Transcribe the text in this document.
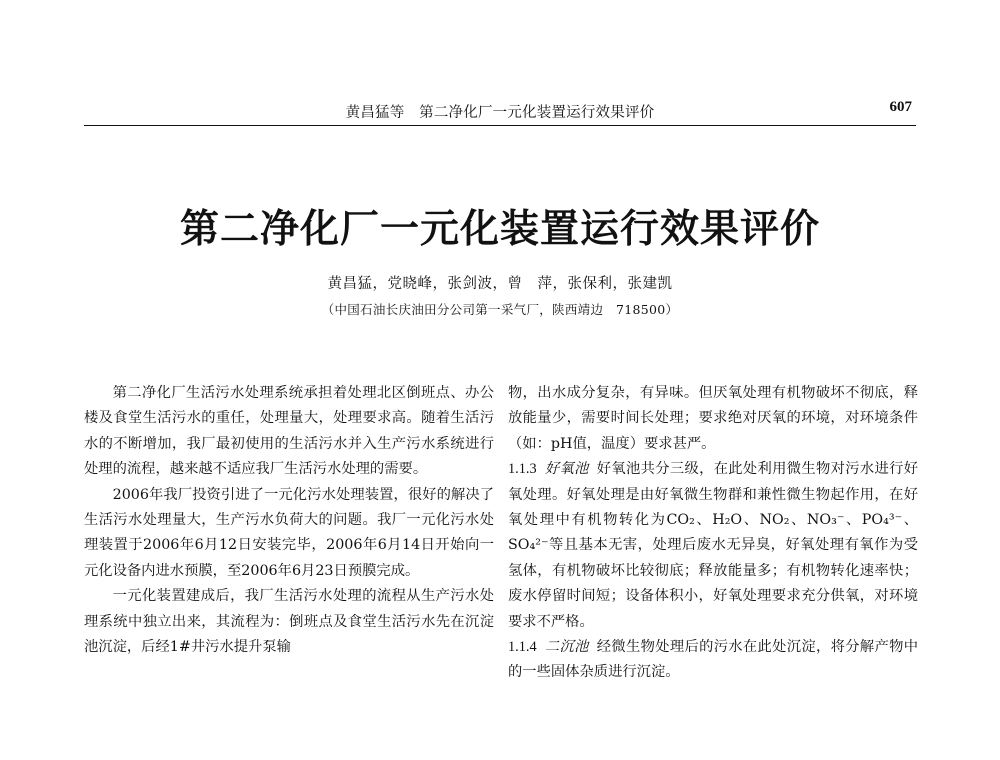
黄昌猛等　第二净化厂一元化装置运行效果评价	607
第二净化厂一元化装置运行效果评价
黄昌猛，党晓峰，张剑波，曾　萍，张保利，张建凯
（中国石油长庆油田分公司第一采气厂，陕西靖边　718500）

第二净化厂生活污水处理系统承担着处理北区倒班点、办公楼及食堂生活污水的重任，处理量大，处理要求高。随着生活污水的不断增加，我厂最初使用的生活污水并入生产污水系统进行处理的流程，越来越不适应我厂生活污水处理的需要。

2006年我厂投资引进了一元化污水处理装置，很好的解决了生活污水处理量大，生产污水负荷大的问题。我厂一元化污水处理装置于2006年6月12日安装完毕，2006年6月14日开始向一元化设备内进水预膜，至2006年6月23日预膜完成。

一元化装置建成后，我厂生活污水处理的流程从生产污水处理系统中独立出来，其流程为：倒班点及食堂生活污水先在沉淀池沉淀，后经1#井污水提升泵输

物，出水成分复杂，有异味。但厌氧处理有机物破坏不彻底，释放能量少，需要时间长处理；要求绝对厌氧的环境，对环境条件（如：pH值，温度）要求甚严。

1.1.3 好氧池 好氧池共分三级，在此处利用微生物对污水进行好氧处理。好氧处理是由好氧微生物群和兼性微生物起作用，在好氧处理中有机物转化为CO₂、H₂O、NO₂、NO₃⁻、PO₄³⁻、SO₄²⁻等且基本无害，处理后废水无异臭，好氧处理有氧作为受氢体，有机物破坏比较彻底；释放能量多；有机物转化速率快；废水停留时间短；设备体积小，好氧处理要求充分供氧，对环境要求不严格。

1.1.4 二沉池 经微生物处理后的污水在此处沉淀，将分解产物中的一些固体杂质进行沉淀。
